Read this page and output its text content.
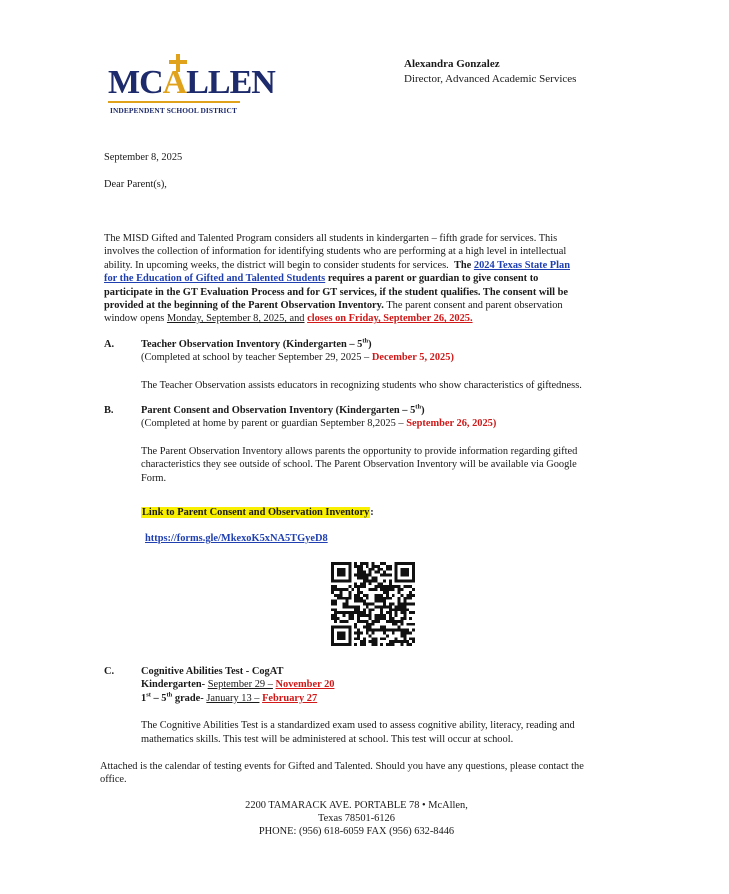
MCALLEN
INDEPENDENT SCHOOL DISTRICT
Alexandra Gonzalez
Director, Advanced Academic Services
September 8, 2025
Dear Parent(s),
The MISD Gifted and Talented Program considers all students in kindergarten – fifth grade for services. This
involves the collection of information for identifying students who are performing at a high level in intellectual
ability. In upcoming weeks, the district will begin to consider students for services. The 2024 Texas State Plan
for the Education of Gifted and Talented Students requires a parent or guardian to give consent to
participate in the GT Evaluation Process and for GT services, if the student qualifies. The consent will be
provided at the beginning of the Parent Observation Inventory. The parent consent and parent observation
window opens Monday, September 8, 2025, and closes on Friday, September 26, 2025.
A.	Teacher Observation Inventory (Kindergarten – 5th)
(Completed at school by teacher September 29, 2025 – December 5, 2025)
The Teacher Observation assists educators in recognizing students who show characteristics of giftedness.
B.	Parent Consent and Observation Inventory (Kindergarten – 5th)
(Completed at home by parent or guardian September 8,2025 – September 26, 2025)
The Parent Observation Inventory allows parents the opportunity to provide information regarding gifted
characteristics they see outside of school. The Parent Observation Inventory will be available via Google
Form.
Link to Parent Consent and Observation Inventory:
https://forms.gle/MkexoK5xNA5TGyeD8
C.	Cognitive Abilities Test - CogAT
Kindergarten- September 29 – November 20
1st – 5th grade- January 13 – February 27
The Cognitive Abilities Test is a standardized exam used to assess cognitive ability, literacy, reading and
mathematics skills. This test will be administered at school. This test will occur at school.
Attached is the calendar of testing events for Gifted and Talented. Should you have any questions, please contact the
office.
2200 TAMARACK AVE. PORTABLE 78 • McAllen,
Texas 78501-6126
PHONE: (956) 618-6059 FAX (956) 632-8446
